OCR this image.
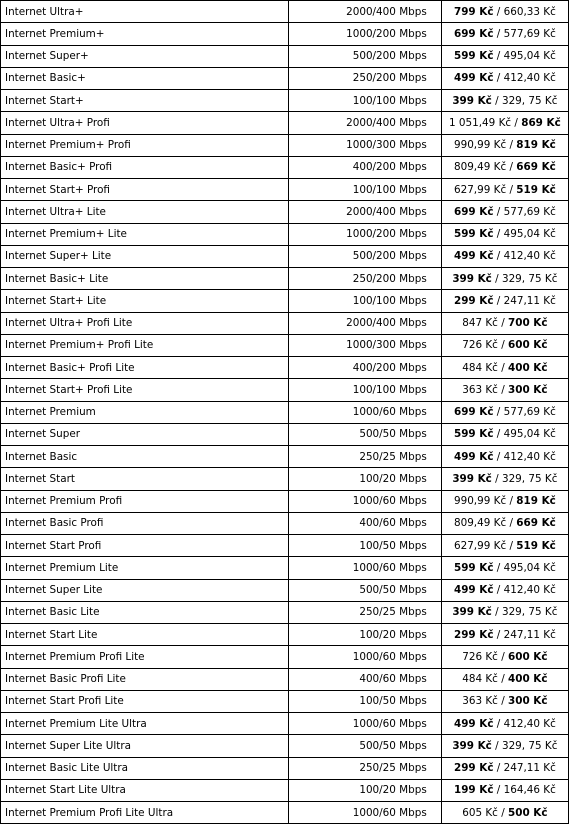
Internet Ultra+	2000/400 Mbps	799 Kč / 660,33 Kč
Internet Premium+	1000/200 Mbps	699 Kč / 577,69 Kč
Internet Super+	500/200 Mbps	599 Kč / 495,04 Kč
Internet Basic+	250/200 Mbps	499 Kč / 412,40 Kč
Internet Start+	100/100 Mbps	399 Kč / 329, 75 Kč
Internet Ultra+ Profi	2000/400 Mbps	1 051,49 Kč / 869 Kč
Internet Premium+ Profi	1000/300 Mbps	990,99 Kč / 819 Kč
Internet Basic+ Profi	400/200 Mbps	809,49 Kč / 669 Kč
Internet Start+ Profi	100/100 Mbps	627,99 Kč / 519 Kč
Internet Ultra+ Lite	2000/400 Mbps	699 Kč / 577,69 Kč
Internet Premium+ Lite	1000/200 Mbps	599 Kč / 495,04 Kč
Internet Super+ Lite	500/200 Mbps	499 Kč / 412,40 Kč
Internet Basic+ Lite	250/200 Mbps	399 Kč / 329, 75 Kč
Internet Start+ Lite	100/100 Mbps	299 Kč / 247,11 Kč
Internet Ultra+ Profi Lite	2000/400 Mbps	847 Kč / 700 Kč
Internet Premium+ Profi Lite	1000/300 Mbps	726 Kč / 600 Kč
Internet Basic+ Profi Lite	400/200 Mbps	484 Kč / 400 Kč
Internet Start+ Profi Lite	100/100 Mbps	363 Kč / 300 Kč
Internet Premium	1000/60 Mbps	699 Kč / 577,69 Kč
Internet Super	500/50 Mbps	599 Kč / 495,04 Kč
Internet Basic	250/25 Mbps	499 Kč / 412,40 Kč
Internet Start	100/20 Mbps	399 Kč / 329, 75 Kč
Internet Premium Profi	1000/60 Mbps	990,99 Kč / 819 Kč
Internet Basic Profi	400/60 Mbps	809,49 Kč / 669 Kč
Internet Start Profi	100/50 Mbps	627,99 Kč / 519 Kč
Internet Premium Lite	1000/60 Mbps	599 Kč / 495,04 Kč
Internet Super Lite	500/50 Mbps	499 Kč / 412,40 Kč
Internet Basic Lite	250/25 Mbps	399 Kč / 329, 75 Kč
Internet Start Lite	100/20 Mbps	299 Kč / 247,11 Kč
Internet Premium Profi Lite	1000/60 Mbps	726 Kč / 600 Kč
Internet Basic Profi Lite	400/60 Mbps	484 Kč / 400 Kč
Internet Start Profi Lite	100/50 Mbps	363 Kč / 300 Kč
Internet Premium Lite Ultra	1000/60 Mbps	499 Kč / 412,40 Kč
Internet Super Lite Ultra	500/50 Mbps	399 Kč / 329, 75 Kč
Internet Basic Lite Ultra	250/25 Mbps	299 Kč / 247,11 Kč
Internet Start Lite Ultra	100/20 Mbps	199 Kč / 164,46 Kč
Internet Premium Profi Lite Ultra	1000/60 Mbps	605 Kč / 500 Kč
